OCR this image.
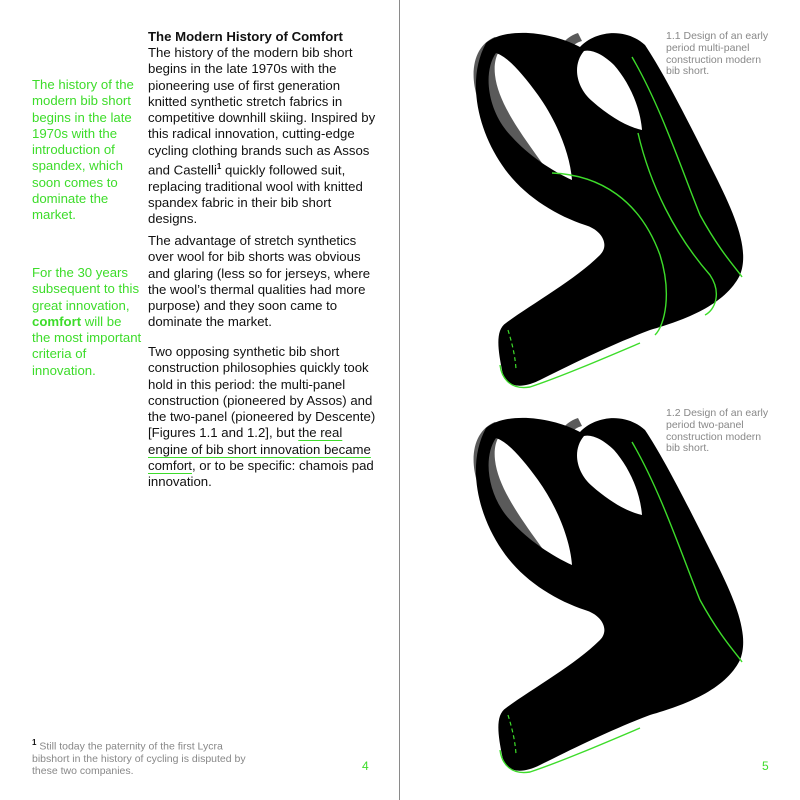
The history of the modern bib short begins in the late 1970s with the introduction of spandex, which soon comes to dominate the market.
For the 30 years subsequent to this great innovation, comfort will be the most important criteria of innovation.
The Modern History of Comfort
The history of the modern bib short begins in the late 1970s with the pioneering use of first generation knitted synthetic stretch fabrics in competitive downhill skiing. Inspired by this radical innovation, cutting-edge cycling clothing brands such as Assos and Castelli$^1$ quickly followed suit, replacing traditional wool with knitted spandex fabric in their bib short designs.
The advantage of stretch synthetics over wool for bib shorts was obvious and glaring (less so for jerseys, where the wool’s thermal qualities had more purpose) and they soon came to dominate the market.
Two opposing synthetic bib short construction philosophies quickly took hold in this period: the multi-panel construction (pioneered by Assos) and the two-panel (pioneered by Descente) [Figures 1.1 and 1.2], but the real engine of bib short innovation became comfort, or to be specific: chamois pad innovation.
$^1$ Still today the paternity of the first Lycra bibshort in the history of cycling is disputed by these two companies.	4
1.1 Design of an early period multi-panel construction modern bib short.
1.2 Design of an early period two-panel construction modern bib short.
5
